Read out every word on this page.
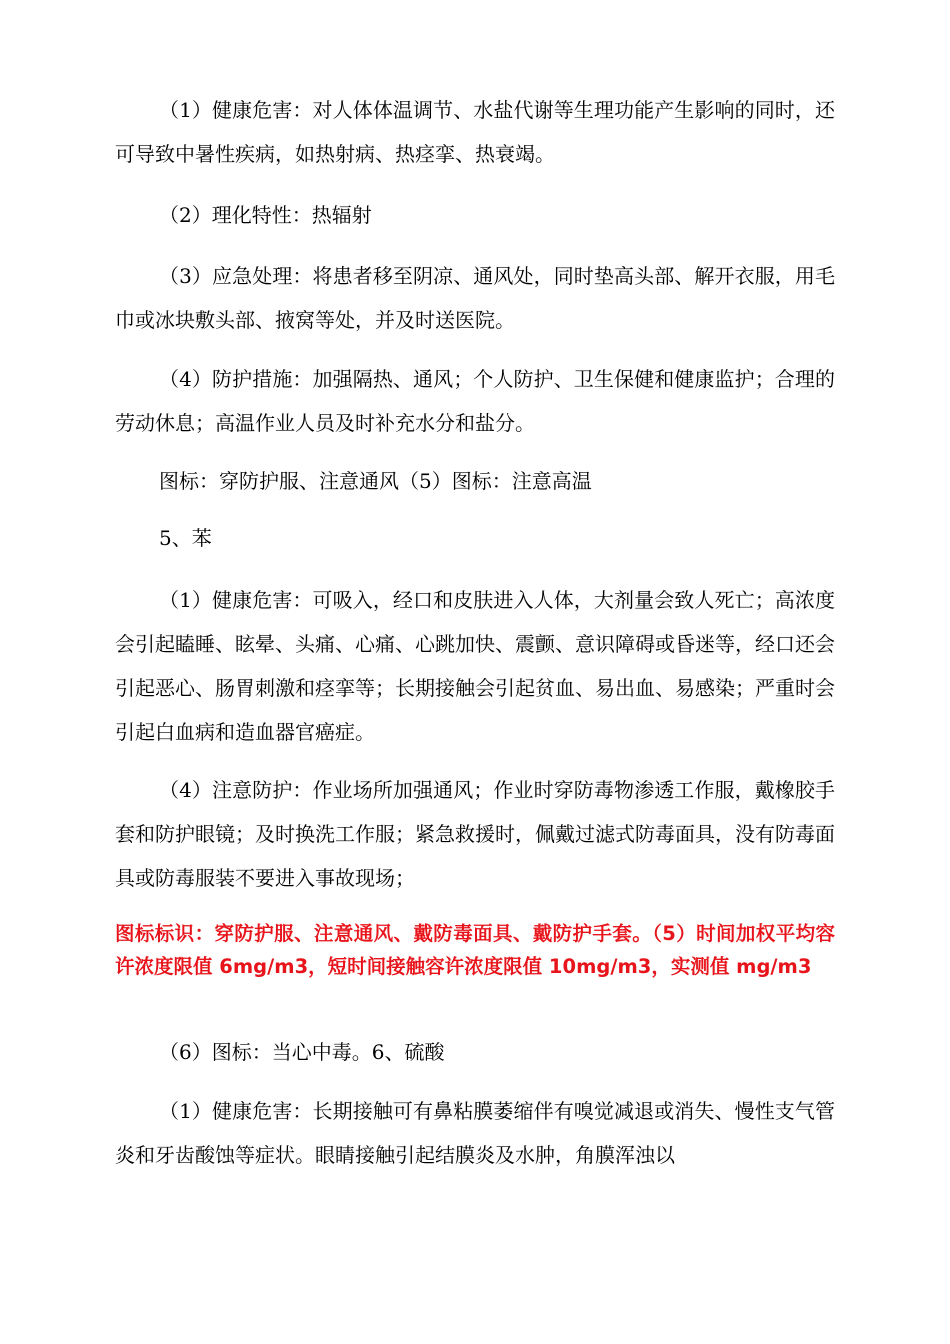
（1）健康危害：对人体体温调节、水盐代谢等生理功能产生影响的同时，还可导致中暑性疾病，如热射病、热痉挛、热衰竭。

（2）理化特性：热辐射

（3）应急处理：将患者移至阴凉、通风处，同时垫高头部、解开衣服，用毛巾或冰块敷头部、掖窝等处，并及时送医院。

（4）防护措施：加强隔热、通风；个人防护、卫生保健和健康监护；合理的劳动休息；高温作业人员及时补充水分和盐分。

图标：穿防护服、注意通风（5）图标：注意高温

5、苯

（1）健康危害：可吸入，经口和皮肤进入人体，大剂量会致人死亡；高浓度会引起瞌睡、眩晕、头痛、心痛、心跳加快、震颤、意识障碍或昏迷等，经口还会引起恶心、肠胃刺激和痉挛等；长期接触会引起贫血、易出血、易感染；严重时会引起白血病和造血器官癌症。

（4）注意防护：作业场所加强通风；作业时穿防毒物渗透工作服，戴橡胶手套和防护眼镜；及时换洗工作服；紧急救援时，佩戴过滤式防毒面具，没有防毒面具或防毒服装不要进入事故现场；

图标标识：穿防护服、注意通风、戴防毒面具、戴防护手套。（5）时间加权平均容许浓度限值 6mg/m3，短时间接触容许浓度限值 10mg/m3，实测值 mg/m3

（6）图标：当心中毒。6、硫酸

（1）健康危害：长期接触可有鼻粘膜萎缩伴有嗅觉减退或消失、慢性支气管炎和牙齿酸蚀等症状。眼睛接触引起结膜炎及水肿，角膜浑浊以
